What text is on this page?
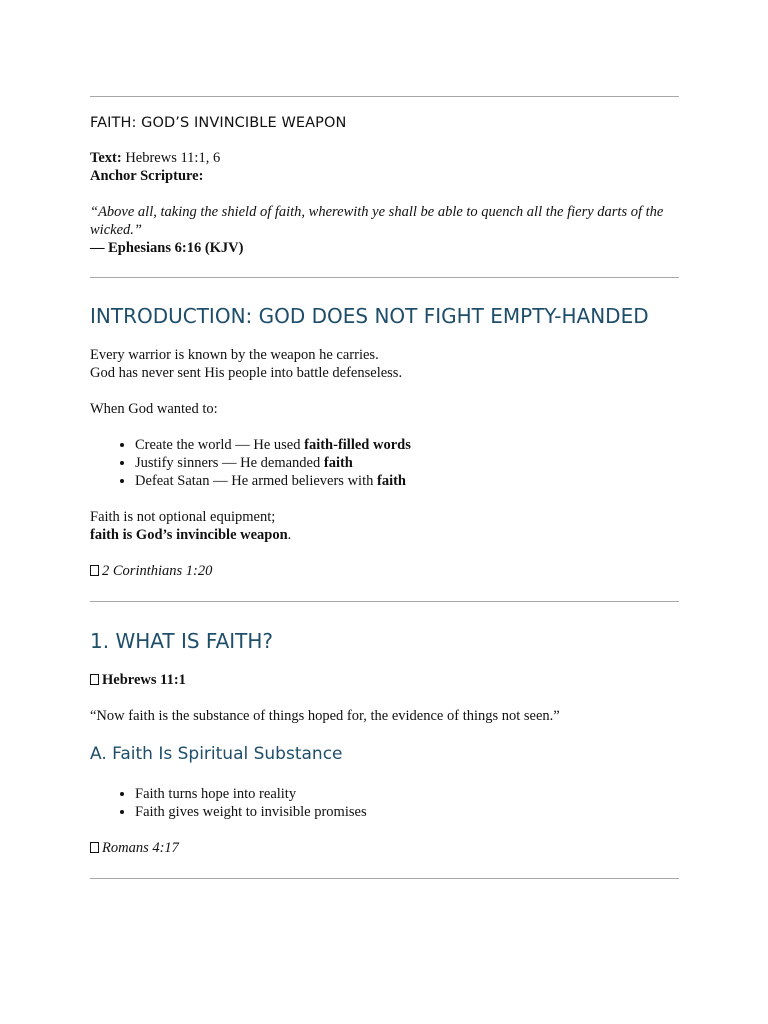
FAITH: GOD’S INVINCIBLE WEAPON

Text: Hebrews 11:1, 6

Anchor Scripture:

“Above all, taking the shield of faith, wherewith ye shall be able to quench all the fiery darts of the wicked.”

— Ephesians 6:16 (KJV)

INTRODUCTION: GOD DOES NOT FIGHT EMPTY-HANDED

Every warrior is known by the weapon he carries.

God has never sent His people into battle defenseless.

When God wanted to:

• Create the world — He used faith-filled words
• Justify sinners — He demanded faith
• Defeat Satan — He armed believers with faith

Faith is not optional equipment;

faith is God’s invincible weapon.

2 Corinthians 1:20

1. WHAT IS FAITH?

Hebrews 11:1

“Now faith is the substance of things hoped for, the evidence of things not seen.”

A. Faith Is Spiritual Substance
• Faith turns hope into reality
• Faith gives weight to invisible promises

Romans 4:17
